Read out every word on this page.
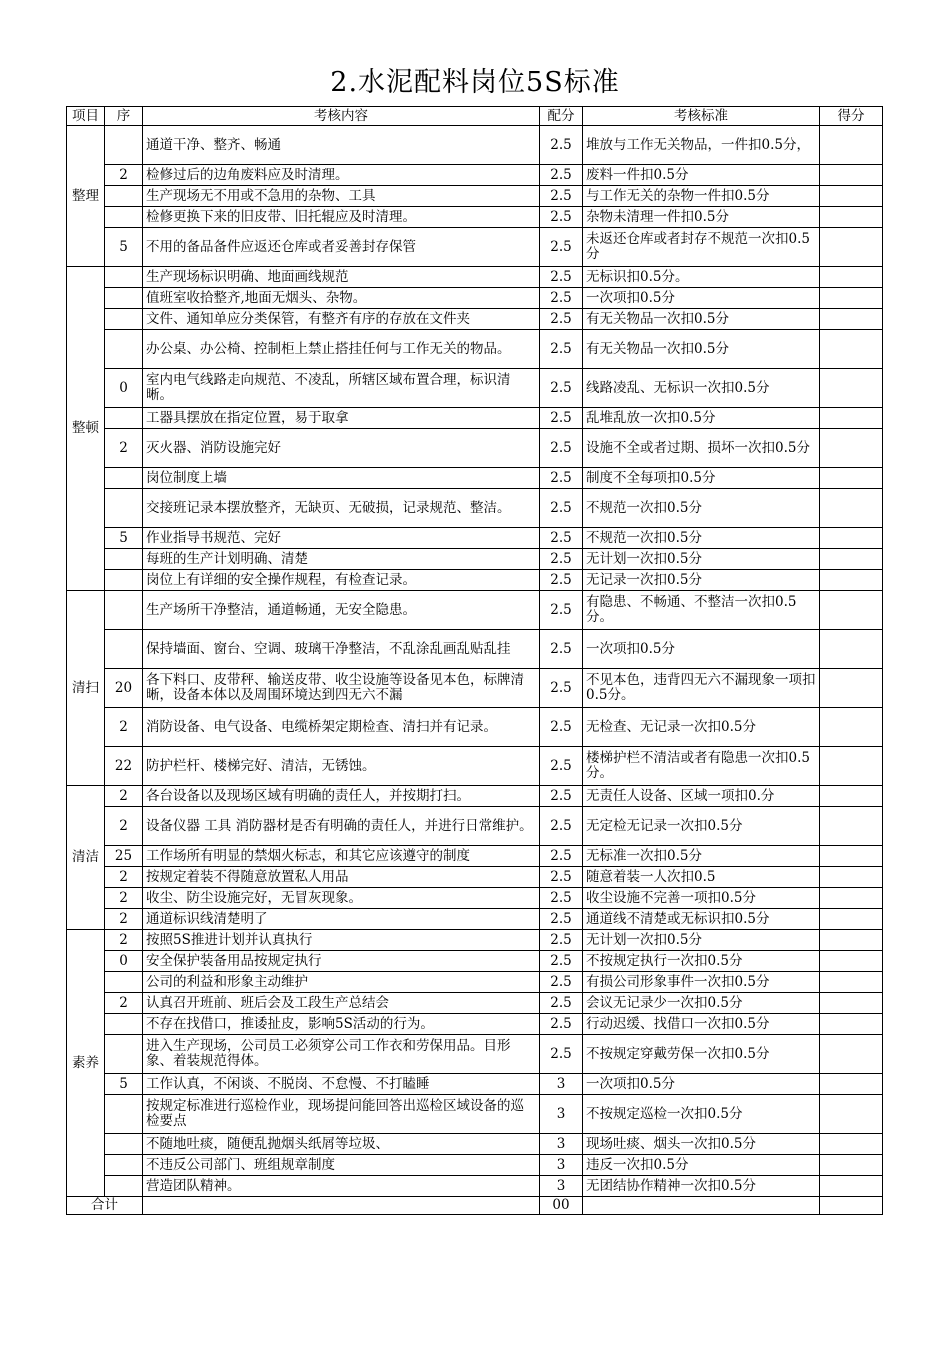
2.水泥配料岗位5S标准
项目	序	考核内容	配分	考核标准	得分
整理		通道干净、整齐、畅通	2.5	堆放与工作无关物品，一件扣0.5分，	
	2	检修过后的边角废料应及时清理。	2.5	废料一件扣0.5分	
		生产现场无不用或不急用的杂物、工具	2.5	与工作无关的杂物一件扣0.5分	
		检修更换下来的旧皮带、旧托辊应及时清理。	2.5	杂物未清理一件扣0.5分	
	5	不用的备品备件应返还仓库或者妥善封存保管	2.5	未返还仓库或者封存不规范一次扣0.5分	
整顿		生产现场标识明确、地面画线规范	2.5	无标识扣0.5分。	
		值班室收拾整齐,地面无烟头、杂物。	2.5	一次项扣0.5分	
		文件、通知单应分类保管，有整齐有序的存放在文件夹	2.5	有无关物品一次扣0.5分	
		办公桌、办公椅、控制柜上禁止搭挂任何与工作无关的物品。	2.5	有无关物品一次扣0.5分	
	0	室内电气线路走向规范、不凌乱，所辖区域布置合理，标识清晰。	2.5	线路凌乱、无标识一次扣0.5分	
		工器具摆放在指定位置，易于取拿	2.5	乱堆乱放一次扣0.5分	
	2	灭火器、消防设施完好	2.5	设施不全或者过期、损坏一次扣0.5分	
		岗位制度上墙	2.5	制度不全每项扣0.5分	
		交接班记录本摆放整齐，无缺页、无破损，记录规范、整洁。	2.5	不规范一次扣0.5分	
	5	作业指导书规范、完好	2.5	不规范一次扣0.5分	
		每班的生产计划明确、清楚	2.5	无计划一次扣0.5分	
		岗位上有详细的安全操作规程，有检查记录。	2.5	无记录一次扣0.5分	
清扫		生产场所干净整洁，通道畅通，无安全隐患。	2.5	有隐患、不畅通、不整洁一次扣0.5分。	
		保持墙面、窗台、空调、玻璃干净整洁，不乱涂乱画乱贴乱挂	2.5	一次项扣0.5分	
	20	各下料口、皮带秤、输送皮带、收尘设施等设备见本色，标牌清晰，设备本体以及周围环境达到四无六不漏	2.5	不见本色，违背四无六不漏现象一项扣0.5分。	
	2	消防设备、电气设备、电缆桥架定期检查、清扫并有记录。	2.5	无检查、无记录一次扣0.5分	
	22	防护栏杆、楼梯完好、清洁，无锈蚀。	2.5	楼梯护栏不清洁或者有隐患一次扣0.5分。	
清洁	2	各台设备以及现场区域有明确的责任人，并按期打扫。	2.5	无责任人设备、区域一项扣0.分	
	2	设备仪器 工具 消防器材是否有明确的责任人，并进行日常维护。	2.5	无定检无记录一次扣0.5分	
	25	工作场所有明显的禁烟火标志，和其它应该遵守的制度	2.5	无标准一次扣0.5分	
	2	按规定着装不得随意放置私人用品	2.5	随意着装一人次扣0.5	
	2	收尘、防尘设施完好，无冒灰现象。	2.5	收尘设施不完善一项扣0.5分	
	2	通道标识线清楚明了	2.5	通道线不清楚或无标识扣0.5分	
素养	2	按照5S推进计划并认真执行	2.5	无计划一次扣0.5分	
	0	安全保护装备用品按规定执行	2.5	不按规定执行一次扣0.5分	
		公司的利益和形象主动维护	2.5	有损公司形象事件一次扣0.5分	
	2	认真召开班前、班后会及工段生产总结会	2.5	会议无记录少一次扣0.5分	
		不存在找借口，推诿扯皮，影响5S活动的行为。	2.5	行动迟缓、找借口一次扣0.5分	
		进入生产现场，公司员工必须穿公司工作衣和劳保用品。目形象、着装规范得体。	2.5	不按规定穿戴劳保一次扣0.5分	
	5	工作认真，不闲谈、不脱岗、不怠慢、不打瞌睡	3	一次项扣0.5分	
		按规定标准进行巡检作业，现场提问能回答出巡检区域设备的巡检要点	3	不按规定巡检一次扣0.5分	
		不随地吐痰，随便乱抛烟头纸屑等垃圾、	3	现场吐痰、烟头一次扣0.5分	
		不违反公司部门、班组规章制度	3	违反一次扣0.5分	
		营造团队精神。	3	无团结协作精神一次扣0.5分	
合计			00		
